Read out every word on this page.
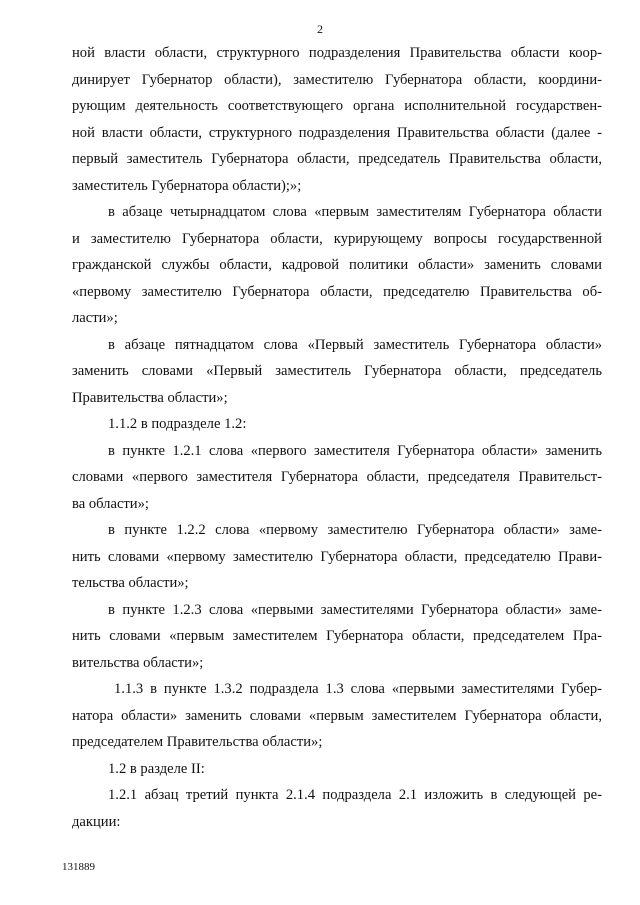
2
ной власти области, структурного подразделения Правительства области коор-
динирует Губернатор области), заместителю Губернатора области, координи-
рующим деятельность соответствующего органа исполнительной государствен-
ной власти области, структурного подразделения Правительства области (далее -
первый заместитель Губернатора области, председатель Правительства области,
заместитель Губернатора области);»;
в абзаце четырнадцатом слова «первым заместителям Губернатора области
и заместителю Губернатора области, курирующему вопросы государственной
гражданской службы области, кадровой политики области» заменить словами
«первому заместителю Губернатора области, председателю Правительства об-
ласти»;
в абзаце пятнадцатом слова «Первый заместитель Губернатора области»
заменить словами «Первый заместитель Губернатора области, председатель
Правительства области»;
1.1.2 в подразделе 1.2:
в пункте 1.2.1 слова «первого заместителя Губернатора области» заменить
словами «первого заместителя Губернатора области, председателя Правительст-
ва области»;
в пункте 1.2.2 слова «первому заместителю Губернатора области» заме-
нить словами «первому заместителю Губернатора области, председателю Прави-
тельства области»;
в пункте 1.2.3 слова «первыми заместителями Губернатора области» заме-
нить словами «первым заместителем Губернатора области, председателем Пра-
вительства области»;
1.1.3 в пункте 1.3.2 подраздела 1.3 слова «первыми заместителями Губер-
натора области» заменить словами «первым заместителем Губернатора области,
председателем Правительства области»;
1.2 в разделе II:
1.2.1 абзац третий пункта 2.1.4 подраздела 2.1 изложить в следующей ре-
дакции:
131889
